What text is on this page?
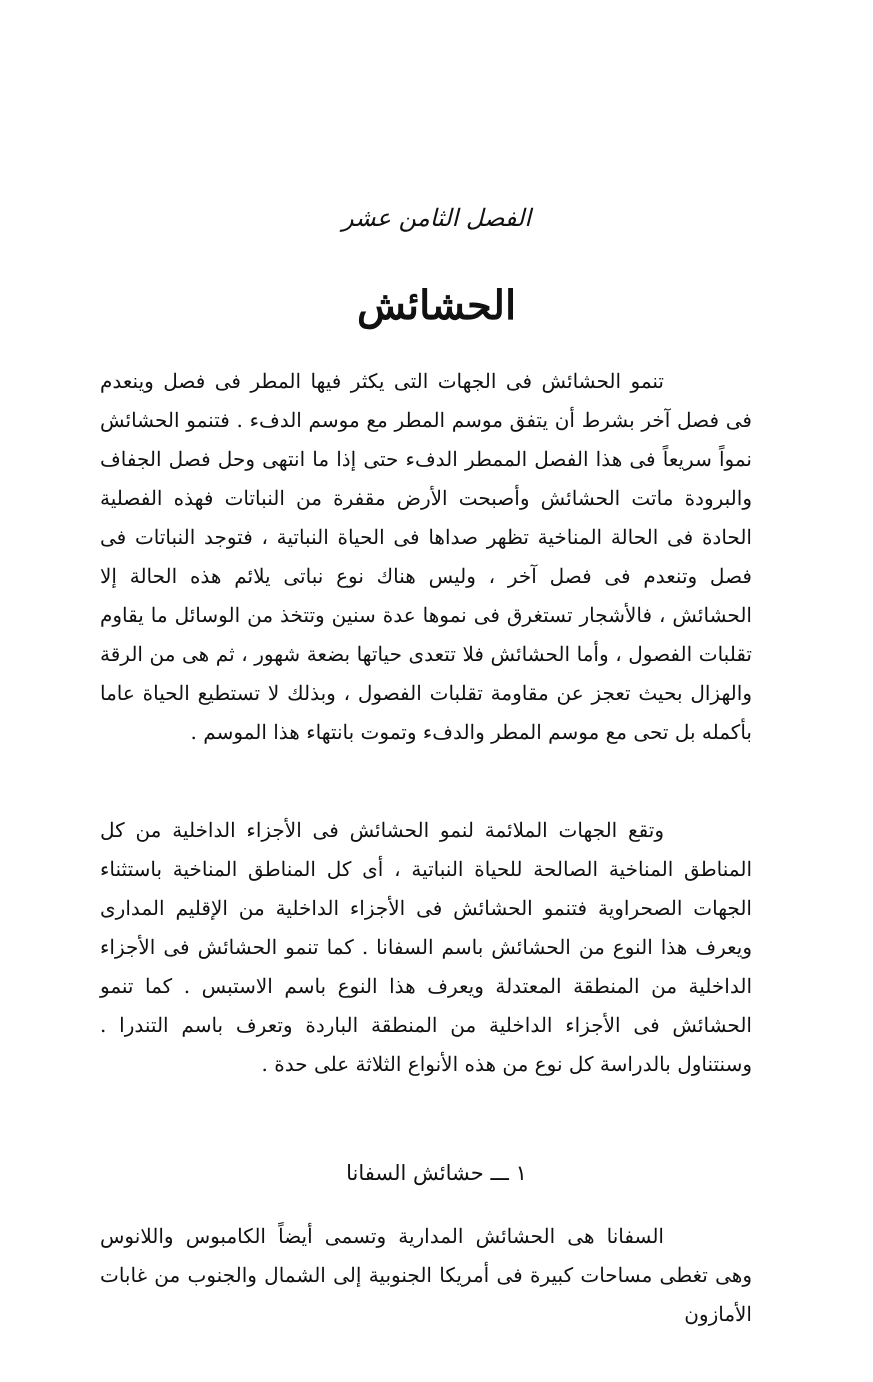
الفصل الثامن عشر
الحشائش

تنمو الحشائش فى الجهات التى يكثر فيها المطر فى فصل وينعدم فى فصل آخر بشرط أن يتفق موسم المطر مع موسم الدفء . فتنمو الحشائش نمواً سريعاً فى هذا الفصل الممطر الدفء حتى إذا ما انتهى وحل فصل الجفاف والبرودة ماتت الحشائش وأصبحت الأرض مقفرة من النباتات فهذه الفصلية الحادة فى الحالة المناخية تظهر صداها فى الحياة النباتية ، فتوجد النباتات فى فصل وتنعدم فى فصل آخر ، وليس هناك نوع نباتى يلائم هذه الحالة إلا الحشائش ، فالأشجار تستغرق فى نموها عدة سنين وتتخذ من الوسائل ما يقاوم تقلبات الفصول ، وأما الحشائش فلا تتعدى حياتها بضعة شهور ، ثم هى من الرقة والهزال بحيث تعجز عن مقاومة تقلبات الفصول ، وبذلك لا تستطيع الحياة عاما بأكمله بل تحى مع موسم المطر والدفء وتموت بانتهاء هذا الموسم .

وتقع الجهات الملائمة لنمو الحشائش فى الأجزاء الداخلية من كل المناطق المناخية الصالحة للحياة النباتية ، أى كل المناطق المناخية باستثناء الجهات الصحراوية فتنمو الحشائش فى الأجزاء الداخلية من الإقليم المدارى ويعرف هذا النوع من الحشائش باسم السفانا . كما تنمو الحشائش فى الأجزاء الداخلية من المنطقة المعتدلة ويعرف هذا النوع باسم الاستبس . كما تنمو الحشائش فى الأجزاء الداخلية من المنطقة الباردة وتعرف باسم التندرا . وسنتناول بالدراسة كل نوع من هذه الأنواع الثلاثة على حدة .

١ ـــ حشائش السفانا

السفانا هى الحشائش المدارية وتسمى أيضاً الكامبوس واللانوس وهى تغطى مساحات كبيرة فى أمريكا الجنوبية إلى الشمال والجنوب من غابات الأمازون
